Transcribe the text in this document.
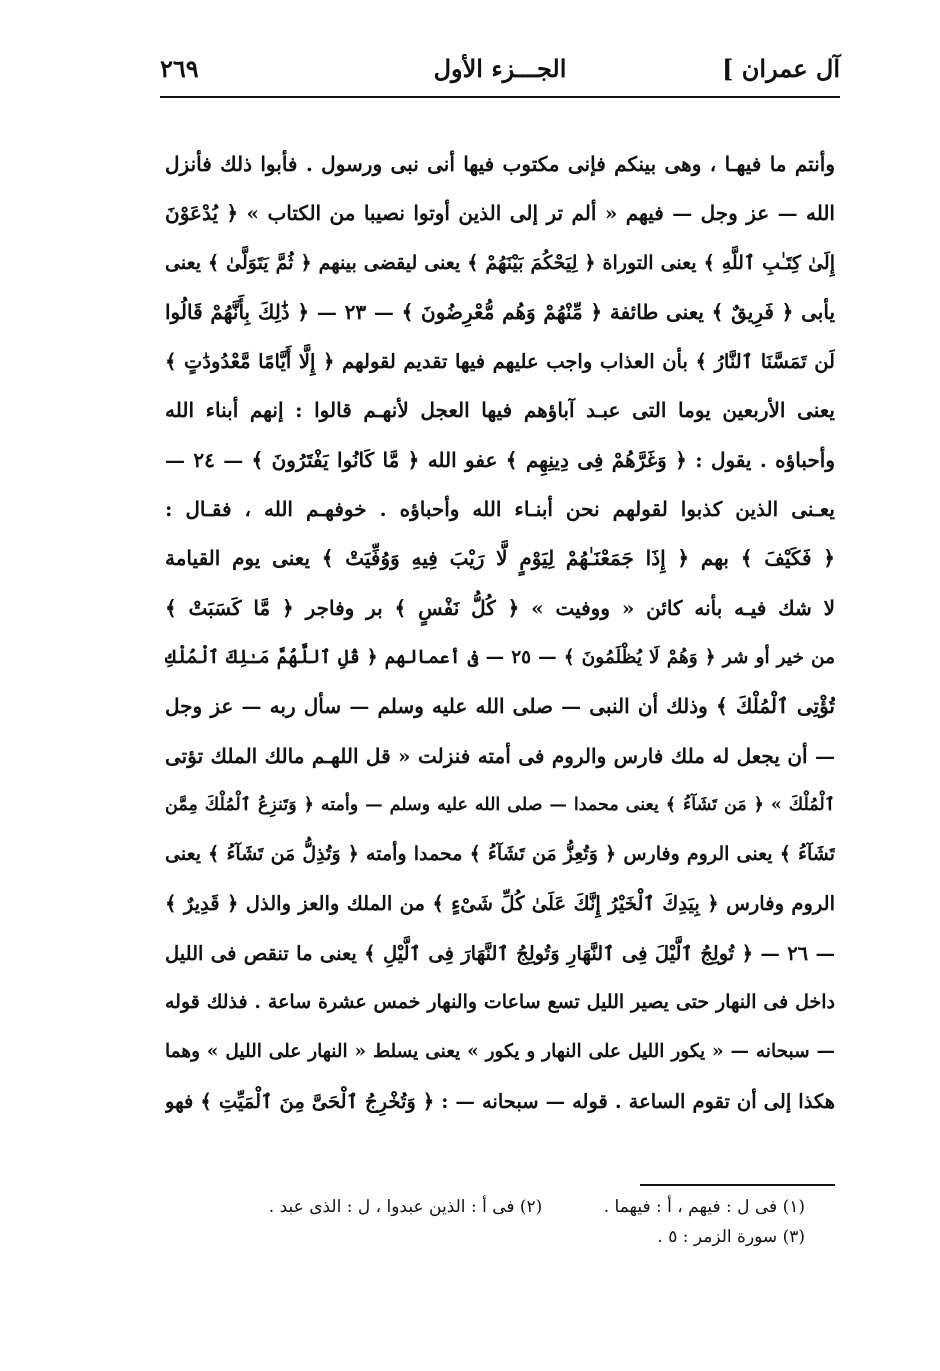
آل عمران ]
الجـــزء الأول
٢٦٩
وأنتم ما فيهـا ، وهى بينكم فإنى مكتوب فيها أنى نبى ورسول . فأبوا ذلك فأنزل
الله — عز وجل — فيهم « ألم تر إلى الذين أوتوا نصيبا من الكتاب » ﴿ يُدْعَوْنَ
إِلَىٰ كِتَـٰبِ ٱللَّهِ ﴾ يعنى التوراة ﴿ لِيَحْكُمَ بَيْنَهُمْ ﴾ يعنى ليقضى بينهم ﴿ ثُمَّ يَتَوَلَّىٰ ﴾ يعنى
يأبى ﴿ فَرِيقٌ ﴾ يعنى طائفة ﴿ مِّنْهُمْ وَهُم مُّعْرِضُونَ ﴾ — ٢٣ — ﴿ ذَٰلِكَ بِأَنَّهُمْ قَالُوا
لَن تَمَسَّنَا ٱلنَّارُ ﴾ بأن العذاب واجب عليهم فيها تقديم لقولهم ﴿ إِلَّا أَيَّامًا مَّعْدُودَٰتٍ ﴾
يعنى الأربعين يوما التى عبـد آباؤهم فيها العجل لأنهـم قالوا : إنهم أبناء الله
وأحباؤه . يقول : ﴿ وَغَرَّهُمْ فِى دِينِهِم ﴾ عفو الله ﴿ مَّا كَانُوا يَفْتَرُونَ ﴾ — ٢٤ —
يعـنى الذين كذبوا لقولهم نحن أبنـاء الله وأحباؤه . خوفهـم الله ، فقـال :
﴿ فَكَيْفَ ﴾ بهم ﴿ إِذَا جَمَعْنَـٰهُمْ لِيَوْمٍ لَّا رَيْبَ فِيهِ وَوُفِّيَتْ ﴾ يعنى يوم القيامة
لا شك فيـه بأنه كائن « ووفيت » ﴿ كُلُّ نَفْسٍ ﴾ بر وفاجر ﴿ مَّا كَسَبَتْ ﴾
من خير أو شر ﴿ وَهُمْ لَا يُظْلَمُونَ ﴾ — ٢٥ — فى أعمالهم ﴿ قُلِ ٱللَّهُمَّ مَـٰلِكَ ٱلْمُلْكِ
تُؤْتِى ٱلْمُلْكَ ﴾ وذلك أن النبى — صلى الله عليه وسلم — سأل ربه — عز وجل
— أن يجعل له ملك فارس والروم فى أمته فنزلت « قل اللهـم مالك الملك تؤتى
ٱلْمُلْكَ » ﴿ مَن تَشَآءُ ﴾ يعنى محمدا — صلى الله عليه وسلم — وأمته ﴿ وَتَنزِعُ ٱلْمُلْكَ مِمَّن
تَشَآءُ ﴾ يعنى الروم وفارس ﴿ وَتُعِزُّ مَن تَشَآءُ ﴾ محمدا وأمته ﴿ وَتُذِلُّ مَن تَشَآءُ ﴾ يعنى
الروم وفارس ﴿ بِيَدِكَ ٱلْخَيْرُ إِنَّكَ عَلَىٰ كُلِّ شَىْءٍ ﴾ من الملك والعز والذل ﴿ قَدِيرٌ ﴾
— ٢٦ — ﴿ تُولِجُ ٱلَّيْلَ فِى ٱلنَّهَارِ وَتُولِجُ ٱلنَّهَارَ فِى ٱلَّيْلِ ﴾ يعنى ما تنقص فى الليل
داخل فى النهار حتى يصير الليل تسع ساعات والنهار خمس عشرة ساعة . فذلك قوله
— سبحانه — « يكور الليل على النهار و يكور » يعنى يسلط « النهار على الليل » وهما
هكذا إلى أن تقوم الساعة . قوله — سبحانه — : ﴿ وَتُخْرِجُ ٱلْحَىَّ مِنَ ٱلْمَيِّتِ ﴾ فهو
(١) فى ل : فيهم ، أ : فيهما . (٢) فى أ : الذين عبدوا ، ل : الذى عبد .
(٣) سورة الزمر : ٥ .
